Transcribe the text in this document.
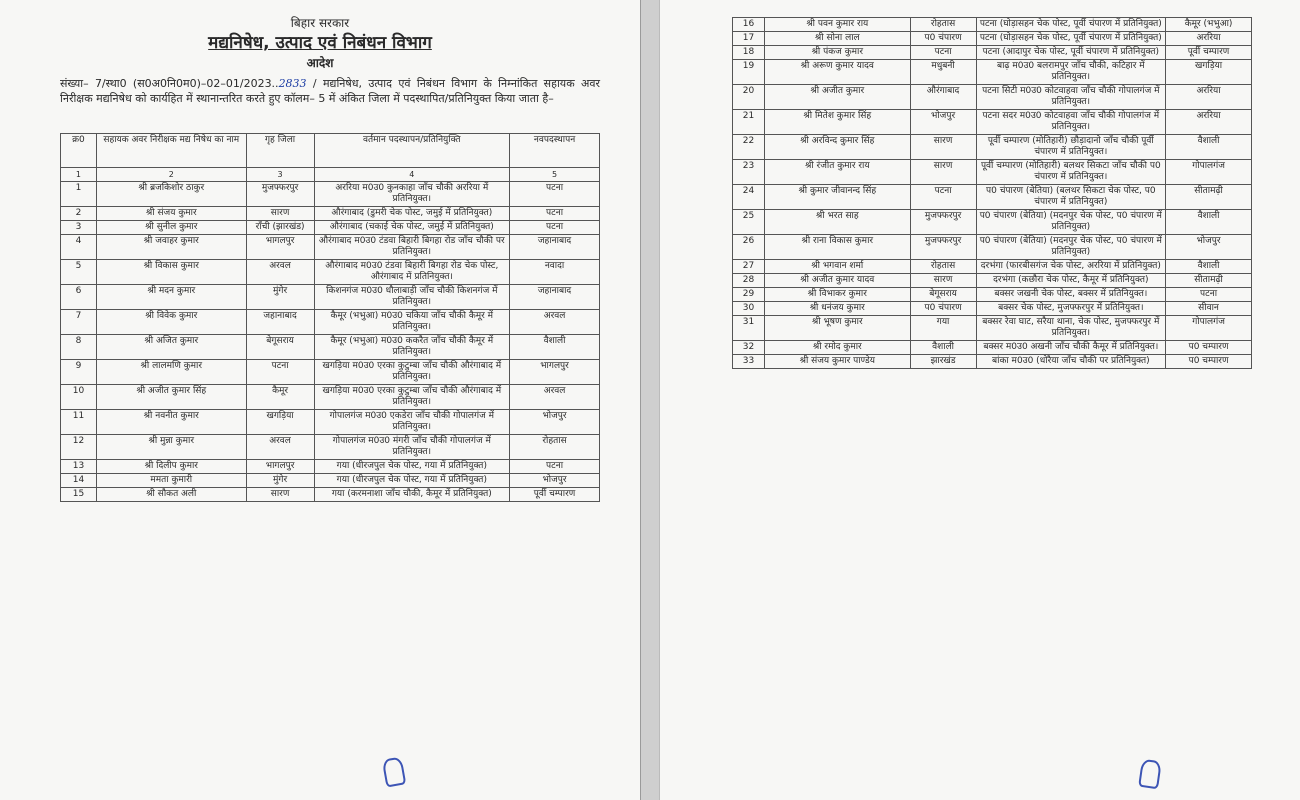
बिहार सरकार
मद्यनिषेध, उत्पाद एवं निबंधन विभाग
आदेश
संख्या– 7/स्था0 (स0अ0नि0म0)–02–01/2023..2833 / मद्यनिषेध, उत्पाद एवं निबंधन विभाग के निम्नांकित सहायक अवर निरीक्षक मद्यनिषेध को कार्यहित में स्थानान्तरित करते हुए कॉलम– 5 में अंकित जिला में पदस्थापित/प्रतिनियुक्त किया जाता है–
क्र0	सहायक अवर निरीक्षक मद्य निषेध का नाम	गृह जिला	वर्तमान पदस्थापन/प्रतिनियुक्ति	नवपदस्थापन
1	2	3	4	5
1	श्री ब्रजकिशोर ठाकुर	मुजफ्फरपुर	अररिया म0उ0 कुनकाहा जाँच चौकी अररिया में प्रतिनियुक्त।	पटना
2	श्री संजय कुमार	सारण	औरंगाबाद (डुमरी चेक पोस्ट, जमुई में प्रतिनियुक्त)	पटना
3	श्री सुनील कुमार	राँची (झारखंड)	औरंगाबाद (चकाई चेक पोस्ट, जमुई में प्रतिनियुक्त)	पटना
4	श्री जवाहर कुमार	भागलपुर	औरंगाबाद म0उ0 टंडवा बिहारी बिगहा रोड जाँच चौकी पर प्रतिनियुक्त।	जहानाबाद
5	श्री विकास कुमार	अरवल	औरंगाबाद म0उ0 टंडवा बिहारी बिगहा रोड चेक पोस्ट, औरंगाबाद में प्रतिनियुक्त।	नवादा
6	श्री मदन कुमार	मुंगेर	किशनगंज म0उ0 धौलाबाड़ी जाँच चौकी किशनगंज में प्रतिनियुक्त।	जहानाबाद
7	श्री विवेक कुमार	जहानाबाद	कैमूर (भभुआ) म0उ0 चकिया जाँच चौकी कैमूर में प्रतिनियुक्त।	अरवल
8	श्री अजित कुमार	बेगूसराय	कैमूर (भभुआ) म0उ0 ककरैत जाँच चौकी कैमूर में प्रतिनियुक्त।	वैशाली
9	श्री लालमणि कुमार	पटना	खगड़िया म0उ0 एरका कुटुम्बा जाँच चौकी औरंगाबाद में प्रतिनियुक्त।	भागलपुर
10	श्री अजीत कुमार सिंह	कैमूर	खगड़िया म0उ0 एरका कुटुम्बा जाँच चौकी औरंगाबाद में प्रतिनियुक्त।	अरवल
11	श्री नवनीत कुमार	खगड़िया	गोपालगंज म0उ0 एकडेरा जाँच चौकी गोपालगंज में प्रतिनियुक्त।	भोजपुर
12	श्री मुन्ना कुमार	अरवल	गोपालगंज म0उ0 मंगरी जाँच चौकी गोपालगंज में प्रतिनियुक्त।	रोहतास
13	श्री दिलीप कुमार	भागलपुर	गया (धीरजपुल चेक पोस्ट, गया में प्रतिनियुक्त)	पटना
14	ममता कुमारी	मुंगेर	गया (धीरजपुल चेक पोस्ट, गया में प्रतिनियुक्त)	भोजपुर
15	श्री सौकत अली	सारण	गया (करमनाशा जाँच चौकी, कैमूर में प्रतिनियुक्त)	पूर्वी चम्पारण
16	श्री पवन कुमार राय	रोहतास	पटना (घोड़ासहन चेक पोस्ट, पूर्वी चंपारण में प्रतिनियुक्त)	कैमूर (भभुआ)
17	श्री सोना लाल	प0 चंपारण	पटना (घोड़ासहन चेक पोस्ट, पूर्वी चंपारण में प्रतिनियुक्त)	अररिया
18	श्री पंकज कुमार	पटना	पटना (आदापुर चेक पोस्ट, पूर्वी चंपारण में प्रतिनियुक्त)	पूर्वी चम्पारण
19	श्री अरूण कुमार यादव	मधुबनी	बाढ़ म0उ0 बलरामपुर जाँच चौकी, कटिहार में प्रतिनियुक्त।	खगड़िया
20	श्री अजीत कुमार	औरंगाबाद	पटना सिटी म0उ0 कोटवाहवा जाँच चौकी गोपालगंज में प्रतिनियुक्त।	अररिया
21	श्री मितेश कुमार सिंह	भोजपुर	पटना सदर म0उ0 कोटवाहवा जाँच चौकी गोपालगंज में प्रतिनियुक्त।	अररिया
22	श्री अरविन्द कुमार सिंह	सारण	पूर्वी चम्पारण (मोतिहारी) छौड़ादानो जाँच चौकी पूर्वी चंपारण में प्रतिनियुक्त।	वैशाली
23	श्री रंजीत कुमार राय	सारण	पूर्वी चम्पारण (मोतिहारी) बलथर सिकटा जाँच चौकी प0 चंपारण में प्रतिनियुक्त।	गोपालगंज
24	श्री कुमार जीवानन्द सिंह	पटना	प0 चंपारण (बेतिया) (बलथर सिकटा चेक पोस्ट, प0 चंपारण में प्रतिनियुक्त)	सीतामढ़ी
25	श्री भरत साह	मुजफ्फरपुर	प0 चंपारण (बेतिया) (मदनपुर चेक पोस्ट, प0 चंपारण में प्रतिनियुक्त)	वैशाली
26	श्री राना विकास कुमार	मुजफ्फरपुर	प0 चंपारण (बेतिया) (मदनपुर चेक पोस्ट, प0 चंपारण में प्रतिनियुक्त)	भोजपुर
27	श्री भगवान शर्मा	रोहतास	दरभंगा (फारबीसगंज चेक पोस्ट, अररिया में प्रतिनियुक्त)	वैशाली
28	श्री अजीत कुमार यादव	सारण	दरभंगा (कछौरा चेक पोस्ट, कैमूर में प्रतिनियुक्त)	सीतामढ़ी
29	श्री विभाकर कुमार	बेगूसराय	बक्सर जखनी चेक पोस्ट, बक्सर में प्रतिनियुक्त।	पटना
30	श्री धनंजय कुमार	प0 चंपारण	बक्सर चेक पोस्ट, मुजफ्फरपुर में प्रतिनियुक्त।	सीवान
31	श्री भूषण कुमार	गया	बक्सर रेवा घाट, सरैया थाना, चेक पोस्ट, मुजफ्फरपुर में प्रतिनियुक्त।	गोपालगंज
32	श्री रमोद कुमार	वैशाली	बक्सर म0उ0 अखनी जाँच चौकी कैमूर में प्रतिनियुक्त।	प0 चम्पारण
33	श्री संजय कुमार पाण्डेय	झारखंड	बांका म0उ0 (धोरैया जाँच चौकी पर प्रतिनियुक्त)	प0 चम्पारण
